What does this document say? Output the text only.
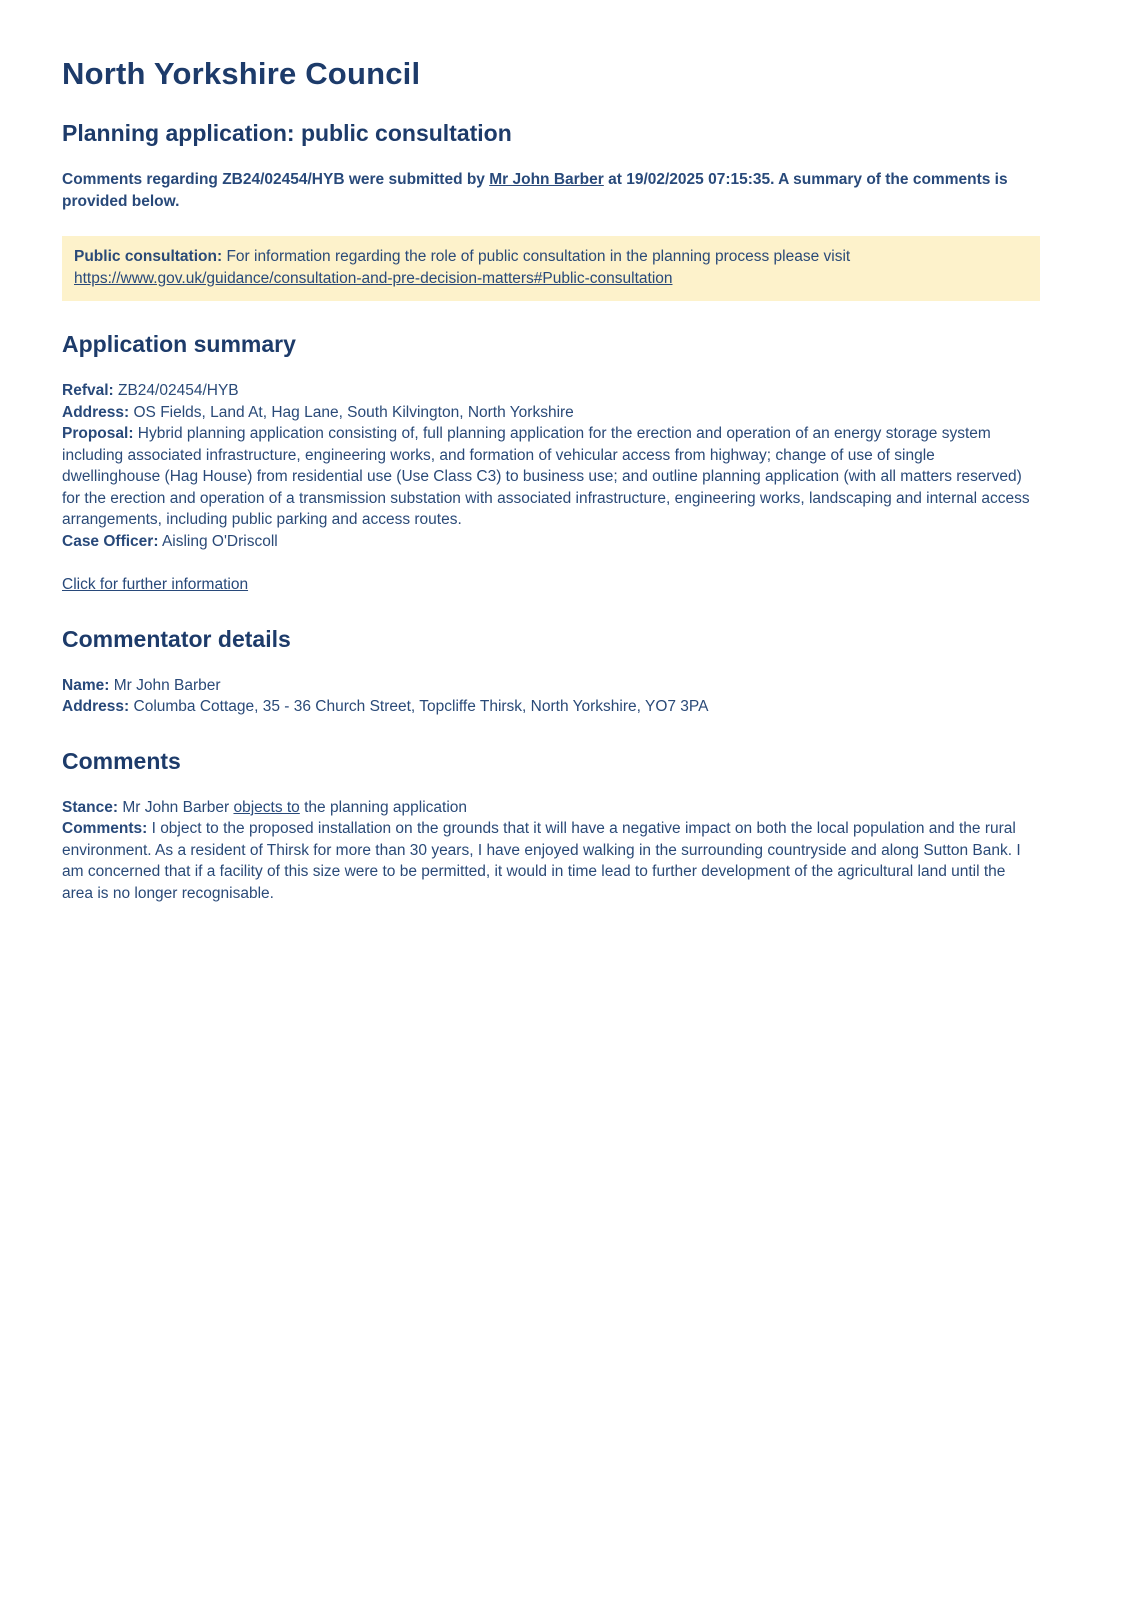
North Yorkshire Council
Planning application: public consultation

Comments regarding ZB24/02454/HYB were submitted by Mr John Barber at 19/02/2025 07:15:35. A summary of the comments is provided below.

Public consultation: For information regarding the role of public consultation in the planning process please visit https://www.gov.uk/guidance/consultation-and-pre-decision-matters#Public-consultation

Application summary

Refval: ZB24/02454/HYB

Address: OS Fields, Land At, Hag Lane, South Kilvington, North Yorkshire

Proposal: Hybrid planning application consisting of, full planning application for the erection and operation of an energy storage system including associated infrastructure, engineering works, and formation of vehicular access from highway; change of use of single dwellinghouse (Hag House) from residential use (Use Class C3) to business use; and outline planning application (with all matters reserved) for the erection and operation of a transmission substation with associated infrastructure, engineering works, landscaping and internal access arrangements, including public parking and access routes.

Case Officer: Aisling O'Driscoll

Click for further information

Commentator details

Name: Mr John Barber

Address: Columba Cottage, 35 - 36 Church Street, Topcliffe Thirsk, North Yorkshire, YO7 3PA

Comments

Stance: Mr John Barber objects to the planning application

Comments: I object to the proposed installation on the grounds that it will have a negative impact on both the local population and the rural environment. As a resident of Thirsk for more than 30 years, I have enjoyed walking in the surrounding countryside and along Sutton Bank. I am concerned that if a facility of this size were to be permitted, it would in time lead to further development of the agricultural land until the area is no longer recognisable.
